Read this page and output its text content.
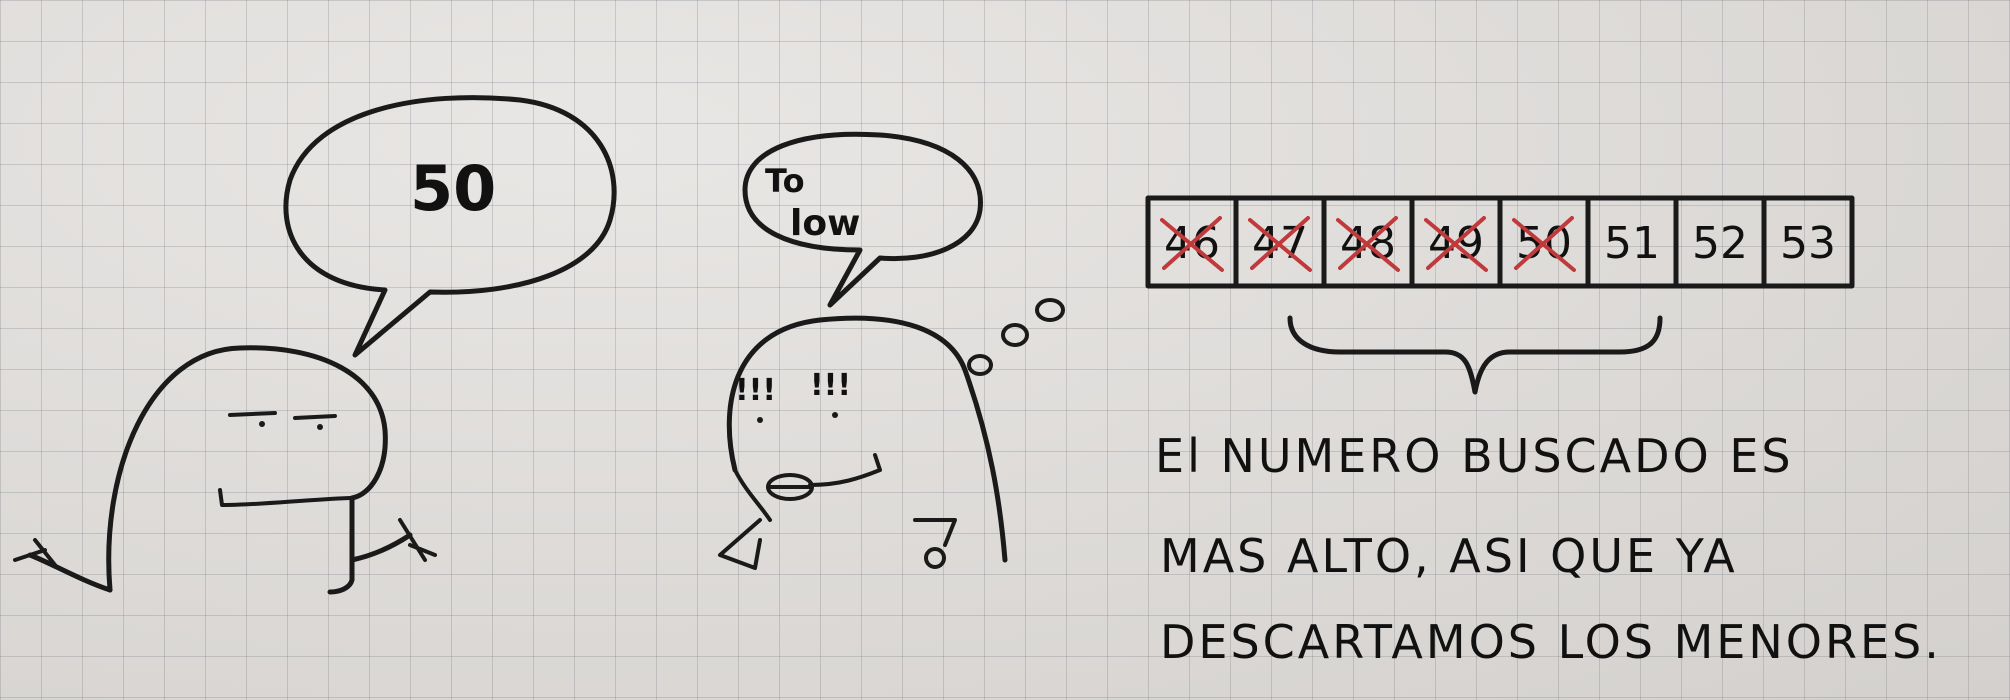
50	To
low
!!! !!!
46 47 48 49 50 51 52 53
El NUMERO BUSCADO ES
MAS ALTO, ASI QUE YA
DESCARTAMOS LOS MENORES.
